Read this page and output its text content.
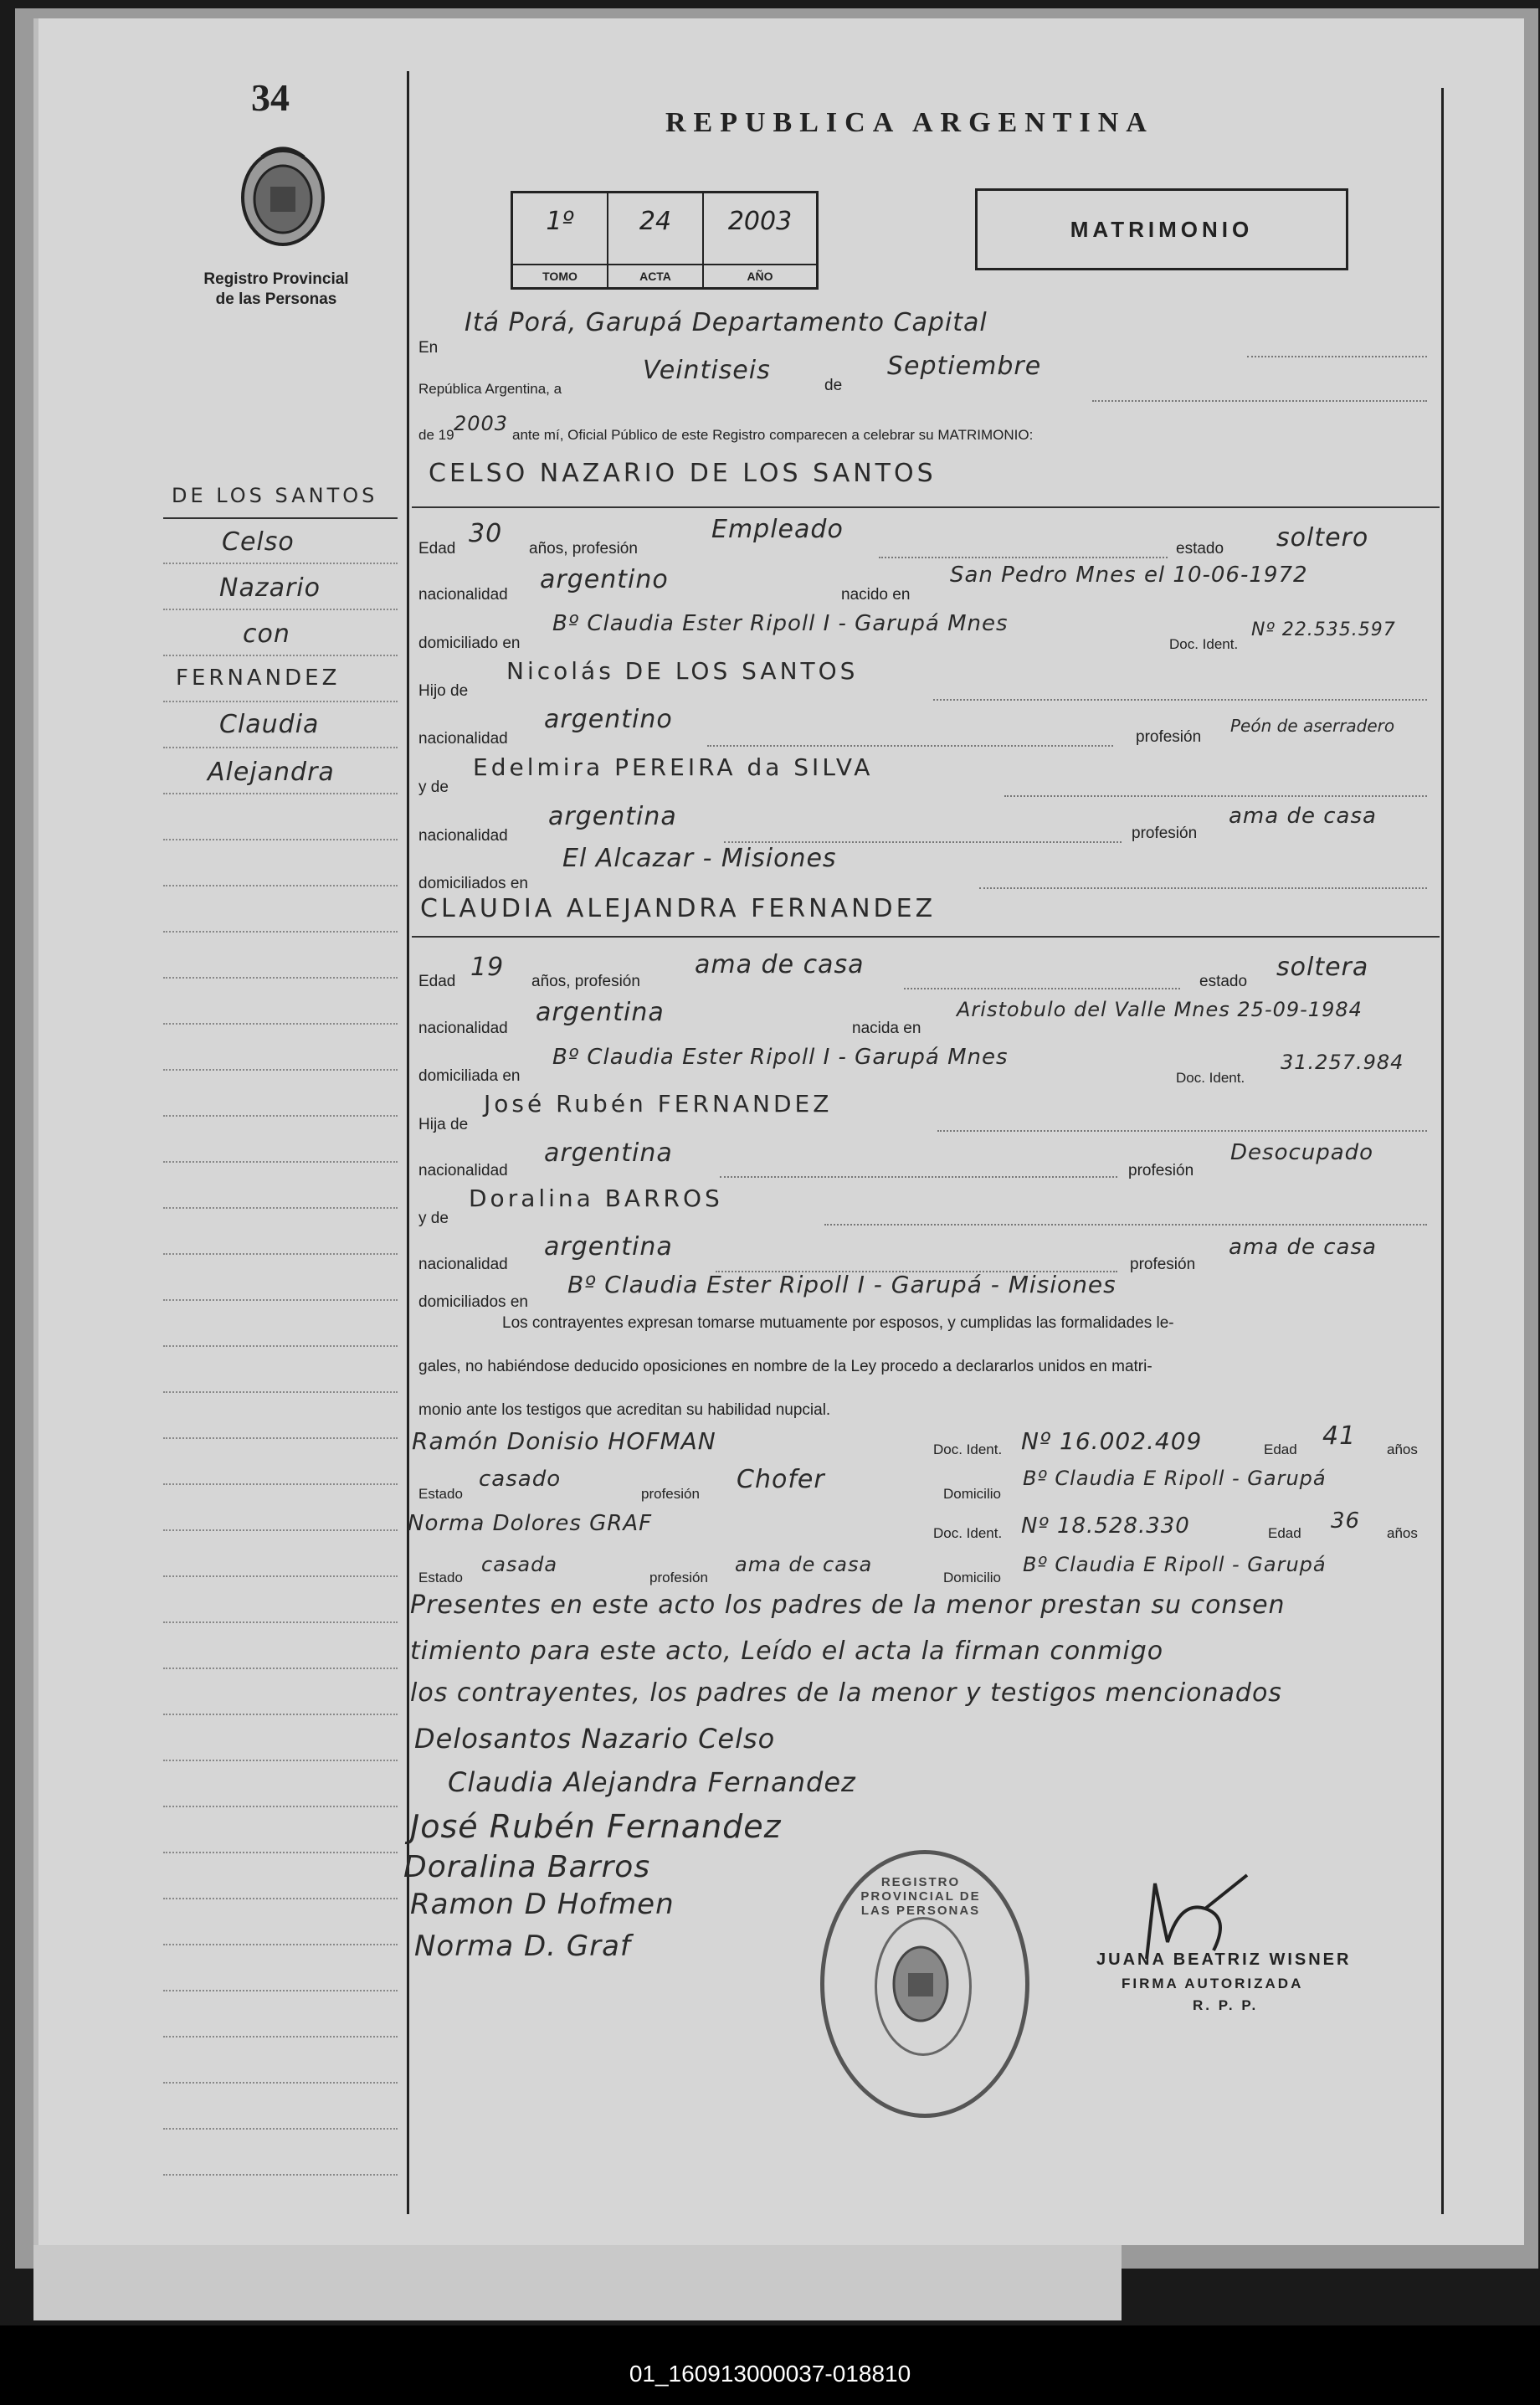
34
Registro Provincial de las Personas
REPUBLICA ARGENTINA
1º
TOMO
24
ACTA
2003
AÑO
MATRIMONIO
DE LOS SANTOS
Celso
Nazario
con
FERNANDEZ
Claudia
Alejandra
En
Itá Porá, Garupá Departamento Capital
República Argentina, a
Veintiseis
de
Septiembre
de 19 2003 ante mí, Oficial Público de este Registro comparecen a celebrar su MATRIMONIO:
CELSO NAZARIO DE LOS SANTOS
Edad
30
años, profesión
Empleado
estado soltero
nacionalidad
argentino
nacido en
San Pedro Mnes el 10-06-1972
domiciliado en
Bº Claudia Ester Ripoll I - Garupá Mnes
Doc. Ident.
Nº 22.535.597
Hijo de
Nicolás DE LOS SANTOS
nacionalidad
argentino
profesión
Peón de aserradero
y de
Edelmira PEREIRA da SILVA
nacionalidad
argentina
profesión
ama de casa
domiciliados en
El Alcazar - Misiones
CLAUDIA ALEJANDRA FERNANDEZ
Edad 19 años, profesión
ama de casa
estado soltera
nacionalidad
argentina
nacida en
Aristobulo del Valle Mnes 25-09-1984
domiciliada en
Bº Claudia Ester Ripoll I - Garupá Mnes
Doc. Ident.
31.257.984
Hija de
José Rubén FERNANDEZ
nacionalidad
argentina
profesión
Desocupado
y de
Doralina BARROS
nacionalidad
argentina
profesión
ama de casa
domiciliados en
Bº Claudia Ester Ripoll I - Garupá - Misiones
Los contrayentes expresan tomarse mutuamente por esposos, y cumplidas las formalidades le-
gales, no habiéndose deducido oposiciones en nombre de la Ley procedo a declararlos unidos en matri-
monio ante los testigos que acreditan su habilidad nupcial.
Ramón Donisio HOFMAN	Doc. Ident. Nº 16.002.409	Edad 41 años
Estado
casado
profesión Chofer	Domicilio
Bº Claudia E Ripoll - Garupá
Norma Dolores GRAF	Doc. Ident. Nº 18.528.330	Edad 36 años
Estado
casada
profesión
ama de casa
Domicilio
Bº Claudia E Ripoll - Garupá
Presentes en este acto los padres de la menor prestan su consen
timiento para este acto, Leído el acta la firman conmigo
los contrayentes, los padres de la menor y testigos mencionados
Delosantos Nazario Celso
Claudia Alejandra Fernandez
José Rubén Fernandez
Doralina Barros
Ramon D Hofmen
Norma D. Graf
REGISTRO PROVINCIAL DE LAS PERSONAS
JUANA BEATRIZ WISNER
FIRMA AUTORIZADA
R. P. P.
01_160913000037-018810
